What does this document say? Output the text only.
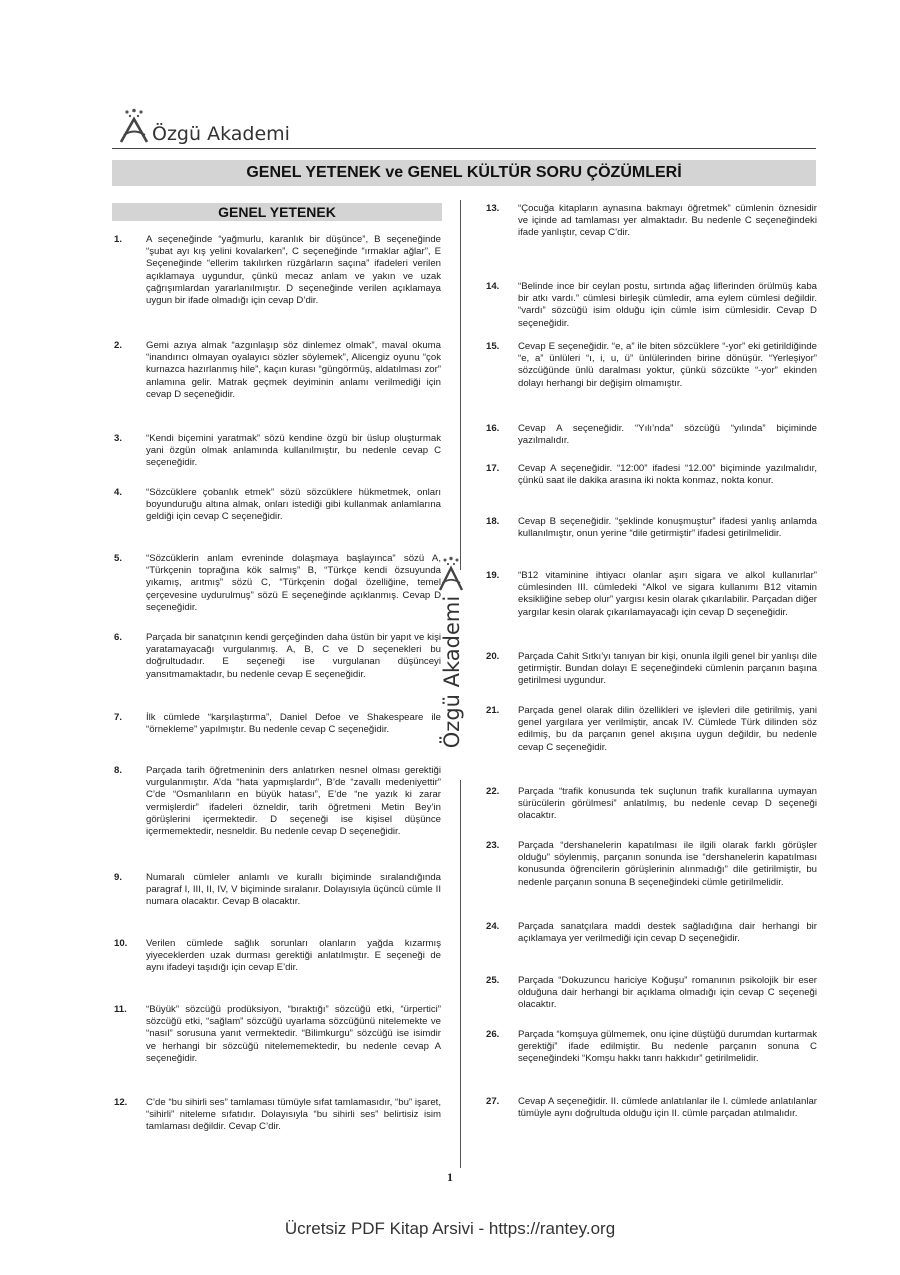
Özgü Akademi
GENEL YETENEK ve GENEL KÜLTÜR SORU ÇÖZÜMLERİ
GENEL YETENEK
1.	A seçeneğinde “yağmurlu, karanlık bir düşünce”, B seçeneğinde “şubat ayı kış yelini kovalarken”, C seçeneğinde “ırmaklar ağlar”, E Seçeneğinde “ellerim takılırken rüzgârların saçına” ifadeleri verilen açıklamaya uygundur, çünkü mecaz anlam ve yakın ve uzak çağrışımlardan yararlanılmıştır. D seçeneğinde verilen açıklamaya uygun bir ifade olmadığı için cevap D’dir.
2.	Gemi azıya almak “azgınlaşıp söz dinlemez olmak”, maval okuma “inandırıcı olmayan oyalayıcı sözler söylemek”, Alicengiz oyunu “çok kurnazca hazırlanmış hile”, kaçın kurası “güngörmüş, aldatılması zor” anlamına gelir. Matrak geçmek deyiminin anlamı verilmediği için cevap D seçeneğidir.
3.	“Kendi biçemini yaratmak” sözü kendine özgü bir üslup oluşturmak yani özgün olmak anlamında kullanılmıştır, bu nedenle cevap C seçeneğidir.
4.	“Sözcüklere çobanlık etmek” sözü sözcüklere hükmetmek, onları boyunduruğu altına almak, onları istediği gibi kullanmak anlamlarına geldiği için cevap C seçeneğidir.
5.	“Sözcüklerin anlam evreninde dolaşmaya başlayınca” sözü A, “Türkçenin toprağına kök salmış” B, “Türkçe kendi özsuyunda yıkamış, arıtmış” sözü C, “Türkçenin doğal özelliğine, temel çerçevesine uydurulmuş” sözü E seçeneğinde açıklanmış. Cevap D seçeneğidir.
6.	Parçada bir sanatçının kendi gerçeğinden daha üstün bir yapıt ve kişi yaratamayacağı vurgulanmış. A, B, C ve D seçenekleri bu doğrultudadır. E seçeneği ise vurgulanan düşünceyi yansıtmamaktadır, bu nedenle cevap E seçeneğidir.
7.	İlk cümlede “karşılaştırma”, Daniel Defoe ve Shakespeare ile “örnekleme” yapılmıştır. Bu nedenle cevap C seçeneğidir.
8.	Parçada tarih öğretmeninin ders anlatırken nesnel olması gerektiği vurgulanmıştır. A’da “hata yapmışlardır”, B’de “zavallı medeniyettir” C’de “Osmanlıların en büyük hatası”, E’de “ne yazık ki zarar vermişlerdir” ifadeleri özneldir, tarih öğretmeni Metin Bey’in görüşlerini içermektedir. D seçeneği ise kişisel düşünce içermemektedir, nesneldir. Bu nedenle cevap D seçeneğidir.
9.	Numaralı cümleler anlamlı ve kurallı biçiminde sıralandığında paragraf I, III, II, IV, V biçiminde sıralanır. Dolayısıyla üçüncü cümle II numara olacaktır. Cevap B olacaktır.
10.	Verilen cümlede sağlık sorunları olanların yağda kızarmış yiyeceklerden uzak durması gerektiği anlatılmıştır. E seçeneği de aynı ifadeyi taşıdığı için cevap E’dir.
11.	“Büyük” sözcüğü prodüksiyon, “bıraktığı” sözcüğü etki, “ürpertici” sözcüğü etki, “sağlam” sözcüğü uyarlama sözcüğünü nitelemekte ve “nasıl” sorusuna yanıt vermektedir. “Bilimkurgu” sözcüğü ise isimdir ve herhangi bir sözcüğü nitelememektedir, bu nedenle cevap A seçeneğidir.
12.	C’de “bu sihirli ses” tamlaması tümüyle sıfat tamlamasıdır, “bu” işaret, “sihirli” niteleme sıfatıdır. Dolayısıyla “bu sihirli ses” belirtisiz isim tamlaması değildir. Cevap C’dir.
Özgü Akademi
13.	“Çocuğa kitapların aynasına bakmayı öğretmek” cümlenin öznesidir ve içinde ad tamlaması yer almaktadır. Bu nedenle C seçeneğindeki ifade yanlıştır, cevap C’dir.
14.	“Belinde ince bir ceylan postu, sırtında ağaç liflerinden örülmüş kaba bir atkı vardı.” cümlesi birleşik cümledir, ama eylem cümlesi değildir. “vardı” sözcüğü isim olduğu için cümle isim cümlesidir. Cevap D seçeneğidir.
15.	Cevap E seçeneğidir. “e, a” ile biten sözcüklere “-yor” eki getirildiğinde “e, a” ünlüleri “ı, i, u, ü” ünlülerinden birine dönüşür. “Yerleşiyor” sözcüğünde ünlü daralması yoktur, çünkü sözcükte “-yor” ekinden dolayı herhangi bir değişim olmamıştır.
16.	Cevap A seçeneğidir. “Yılı’nda” sözcüğü “yılında” biçiminde yazılmalıdır.
17.	Cevap A seçeneğidir. “12:00” ifadesi “12.00” biçiminde yazılmalıdır, çünkü saat ile dakika arasına iki nokta konmaz, nokta konur.
18.	Cevap B seçeneğidir. “şeklinde konuşmuştur” ifadesi yanlış anlamda kullanılmıştır, onun yerine “dile getirmiştir” ifadesi getirilmelidir.
19.	“B12 vitaminine ihtiyacı olanlar aşırı sigara ve alkol kullanırlar” cümlesinden III. cümledeki “Alkol ve sigara kullanımı B12 vitamin eksikliğine sebep olur” yargısı kesin olarak çıkarılabilir. Parçadan diğer yargılar kesin olarak çıkarılamayacağı için cevap D seçeneğidir.
20.	Parçada Cahit Sıtkı’yı tanıyan bir kişi, onunla ilgili genel bir yanlışı dile getirmiştir. Bundan dolayı E seçeneğindeki cümlenin parçanın başına getirilmesi uygundur.
21.	Parçada genel olarak dilin özellikleri ve işlevleri dile getirilmiş, yani genel yargılara yer verilmiştir, ancak IV. Cümlede Türk dilinden söz edilmiş, bu da parçanın genel akışına uygun değildir, bu nedenle cevap C seçeneğidir.
22.	Parçada “trafik konusunda tek suçlunun trafik kurallarına uymayan sürücülerin görülmesi” anlatılmış, bu nedenle cevap D seçeneği olacaktır.
23.	Parçada “dershanelerin kapatılması ile ilgili olarak farklı görüşler olduğu” söylenmiş, parçanın sonunda ise “dershanelerin kapatılması konusunda öğrencilerin görüşlerinin alınmadığı” dile getirilmiştir, bu nedenle parçanın sonuna B seçeneğindeki cümle getirilmelidir.
24.	Parçada sanatçılara maddi destek sağladığına dair herhangi bir açıklamaya yer verilmediği için cevap D seçeneğidir.
25.	Parçada “Dokuzuncu hariciye Koğuşu” romanının psikolojik bir eser olduğuna dair herhangi bir açıklama olmadığı için cevap C seçeneği olacaktır.
26.	Parçada “komşuya gülmemek, onu içine düştüğü durumdan kurtarmak gerektiği” ifade edilmiştir. Bu nedenle parçanın sonuna C seçeneğindeki “Komşu hakkı tanrı hakkıdır” getirilmelidir.
27.	Cevap A seçeneğidir. II. cümlede anlatılanlar ile I. cümlede anlatılanlar tümüyle aynı doğrultuda olduğu için II. cümle parçadan atılmalıdır.
1
Ücretsiz PDF Kitap Arsivi - https://rantey.org
